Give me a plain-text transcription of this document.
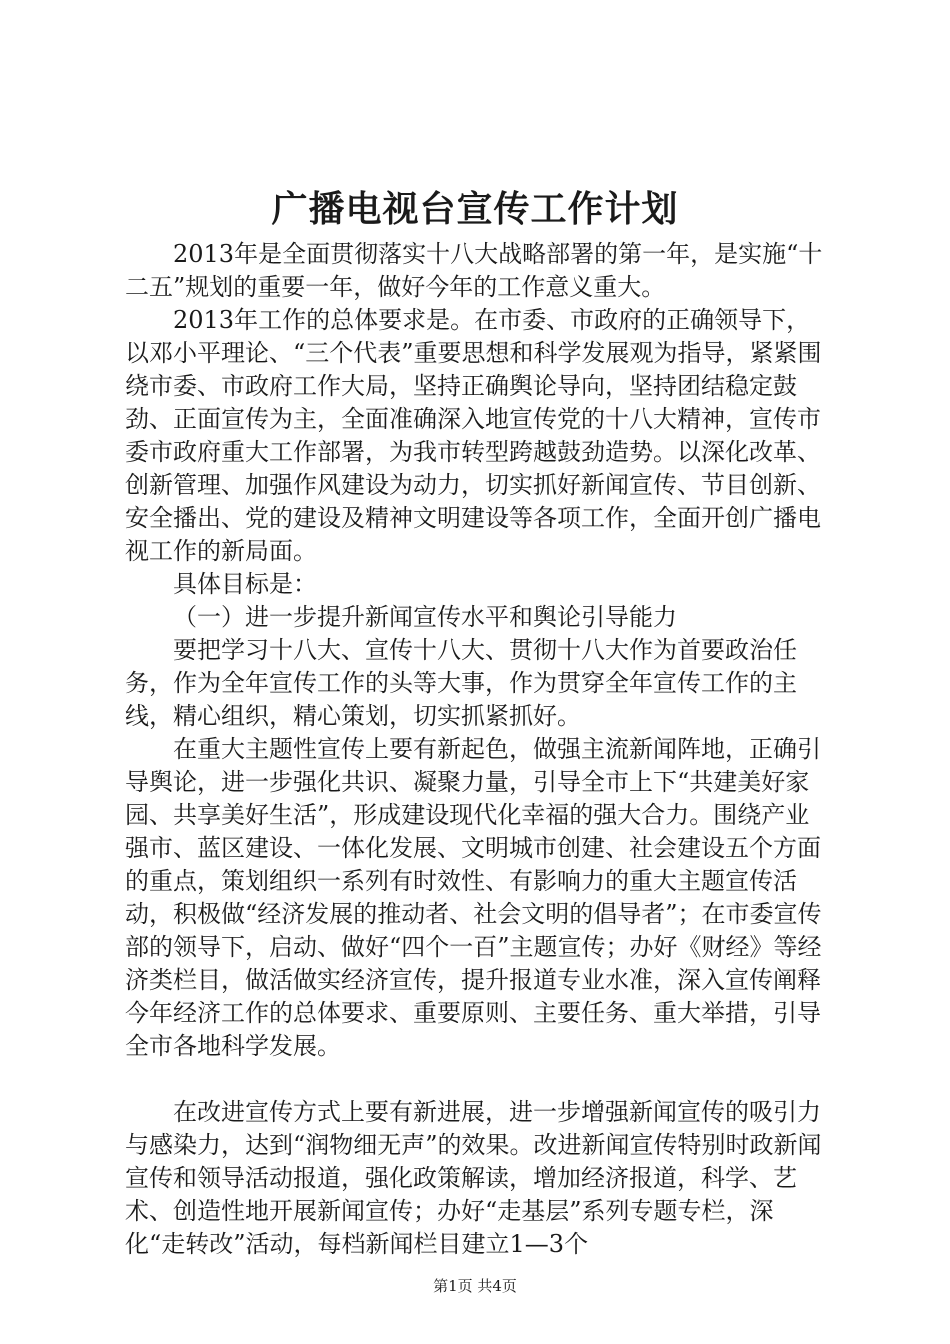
广播电视台宣传工作计划

2013年是全面贯彻落实十八大战略部署的第一年，是实施“十二五”规划的重要一年，做好今年的工作意义重大。

2013年工作的总体要求是。在市委、市政府的正确领导下，以邓小平理论、“三个代表”重要思想和科学发展观为指导，紧紧围绕市委、市政府工作大局，坚持正确舆论导向，坚持团结稳定鼓劲、正面宣传为主，全面准确深入地宣传党的十八大精神，宣传市委市政府重大工作部署，为我市转型跨越鼓劲造势。以深化改革、创新管理、加强作风建设为动力，切实抓好新闻宣传、节目创新、安全播出、党的建设及精神文明建设等各项工作，全面开创广播电视工作的新局面。

具体目标是：

（一）进一步提升新闻宣传水平和舆论引导能力

要把学习十八大、宣传十八大、贯彻十八大作为首要政治任务，作为全年宣传工作的头等大事，作为贯穿全年宣传工作的主线，精心组织，精心策划，切实抓紧抓好。

在重大主题性宣传上要有新起色，做强主流新闻阵地，正确引导舆论，进一步强化共识、凝聚力量，引导全市上下“共建美好家园、共享美好生活”，形成建设现代化幸福的强大合力。围绕产业强市、蓝区建设、一体化发展、文明城市创建、社会建设五个方面的重点，策划组织一系列有时效性、有影响力的重大主题宣传活动，积极做“经济发展的推动者、社会文明的倡导者”；在市委宣传部的领导下，启动、做好“四个一百”主题宣传；办好《财经》等经济类栏目，做活做实经济宣传，提升报道专业水准，深入宣传阐释今年经济工作的总体要求、重要原则、主要任务、重大举措，引导全市各地科学发展。

在改进宣传方式上要有新进展，进一步增强新闻宣传的吸引力与感染力，达到“润物细无声”的效果。改进新闻宣传特别时政新闻宣传和领导活动报道，强化政策解读，增加经济报道，科学、艺术、创造性地开展新闻宣传；办好“走基层”系列专题专栏，深化“走转改”活动，每档新闻栏目建立1—3个

第1页 共4页
